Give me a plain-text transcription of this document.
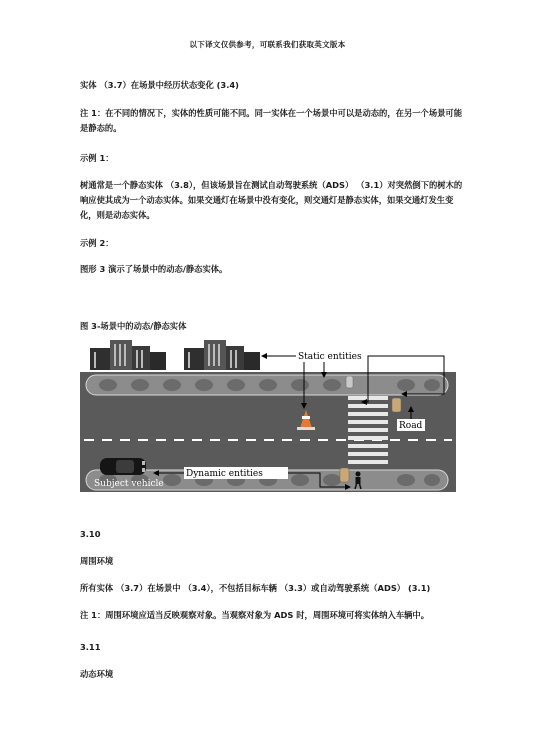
以下译文仅供参考，可联系我们获取英文版本
实体 （3.7）在场景中经历状态变化 (3.4)
注 1：在不同的情况下，实体的性质可能不同。同一实体在一个场景中可以是动态的，在另一个场景可能是静态的。
示例 1：
树通常是一个静态实体 （3.8），但该场景旨在测试自动驾驶系统（ADS） （3.1）对突然倒下的树木的响应使其成为一个动态实体。如果交通灯在场景中没有变化，则交通灯是静态实体，如果交通灯发生变化，则是动态实体。
示例 2：
图形 3 演示了场景中的动态/静态实体。
图 3-场景中的动态/静态实体
Static entities
Road
Dynamic entities
Subject vehicle
3.10
周围环境
所有实体 （3.7）在场景中 （3.4），不包括目标车辆 （3.3）或自动驾驶系统（ADS） (3.1)
注 1：周围环境应适当反映观察对象。当观察对象为 ADS 时，周围环境可将实体纳入车辆中。
3.11
动态环境
